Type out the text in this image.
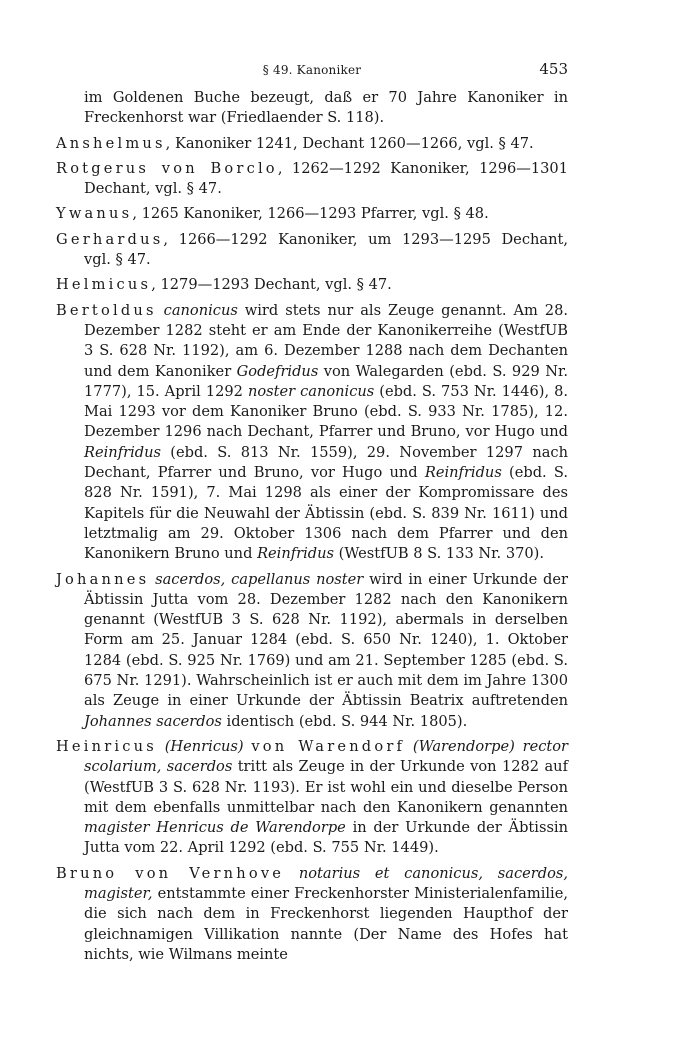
§ 49. Kanoniker	453

im Goldenen Buche bezeugt, daß er 70 Jahre Kanoniker in Freckenhorst war (Friedlaender S. 118).

Anshelmus, Kanoniker 1241, Dechant 1260—1266, vgl. § 47.

Rotgerus von Borclo, 1262—1292 Kanoniker, 1296—1301 Dechant, vgl. § 47.

Ywanus, 1265 Kanoniker, 1266—1293 Pfarrer, vgl. § 48.

Gerhardus, 1266—1292 Kanoniker, um 1293—1295 Dechant, vgl. § 47.

Helmicus, 1279—1293 Dechant, vgl. § 47.

Bertoldus canonicus wird stets nur als Zeuge genannt. Am 28. Dezember 1282 steht er am Ende der Kanonikerreihe (WestfUB 3 S. 628 Nr. 1192), am 6. Dezember 1288 nach dem Dechanten und dem Kanoniker Godefridus von Walegarden (ebd. S. 929 Nr. 1777), 15. April 1292 noster canonicus (ebd. S. 753 Nr. 1446), 8. Mai 1293 vor dem Kanoniker Bruno (ebd. S. 933 Nr. 1785), 12. Dezember 1296 nach Dechant, Pfarrer und Bruno, vor Hugo und Reinfridus (ebd. S. 813 Nr. 1559), 29. November 1297 nach Dechant, Pfarrer und Bruno, vor Hugo und Reinfridus (ebd. S. 828 Nr. 1591), 7. Mai 1298 als einer der Kompromissare des Kapitels für die Neuwahl der Äbtissin (ebd. S. 839 Nr. 1611) und letztmalig am 29. Oktober 1306 nach dem Pfarrer und den Kanonikern Bruno und Reinfridus (WestfUB 8 S. 133 Nr. 370).

Johannes sacerdos, capellanus noster wird in einer Urkunde der Äbtissin Jutta vom 28. Dezember 1282 nach den Kanonikern genannt (WestfUB 3 S. 628 Nr. 1192), abermals in derselben Form am 25. Januar 1284 (ebd. S. 650 Nr. 1240), 1. Oktober 1284 (ebd. S. 925 Nr. 1769) und am 21. September 1285 (ebd. S. 675 Nr. 1291). Wahrscheinlich ist er auch mit dem im Jahre 1300 als Zeuge in einer Urkunde der Äbtissin Beatrix auftretenden Johannes sacerdos identisch (ebd. S. 944 Nr. 1805).

Heinricus (Henricus) von Warendorf (Warendorpe) rector scolarium, sacerdos tritt als Zeuge in der Urkunde von 1282 auf (WestfUB 3 S. 628 Nr. 1193). Er ist wohl ein und dieselbe Person mit dem ebenfalls unmittelbar nach den Kanonikern genannten magister Henricus de Warendorpe in der Urkunde der Äbtissin Jutta vom 22. April 1292 (ebd. S. 755 Nr. 1449).

Bruno von Vernhove notarius et canonicus, sacerdos, magister, entstammte einer Freckenhorster Ministerialenfamilie, die sich nach dem in Freckenhorst liegenden Haupthof der gleichnamigen Villikation nannte (Der Name des Hofes hat nichts, wie Wilmans meinte
